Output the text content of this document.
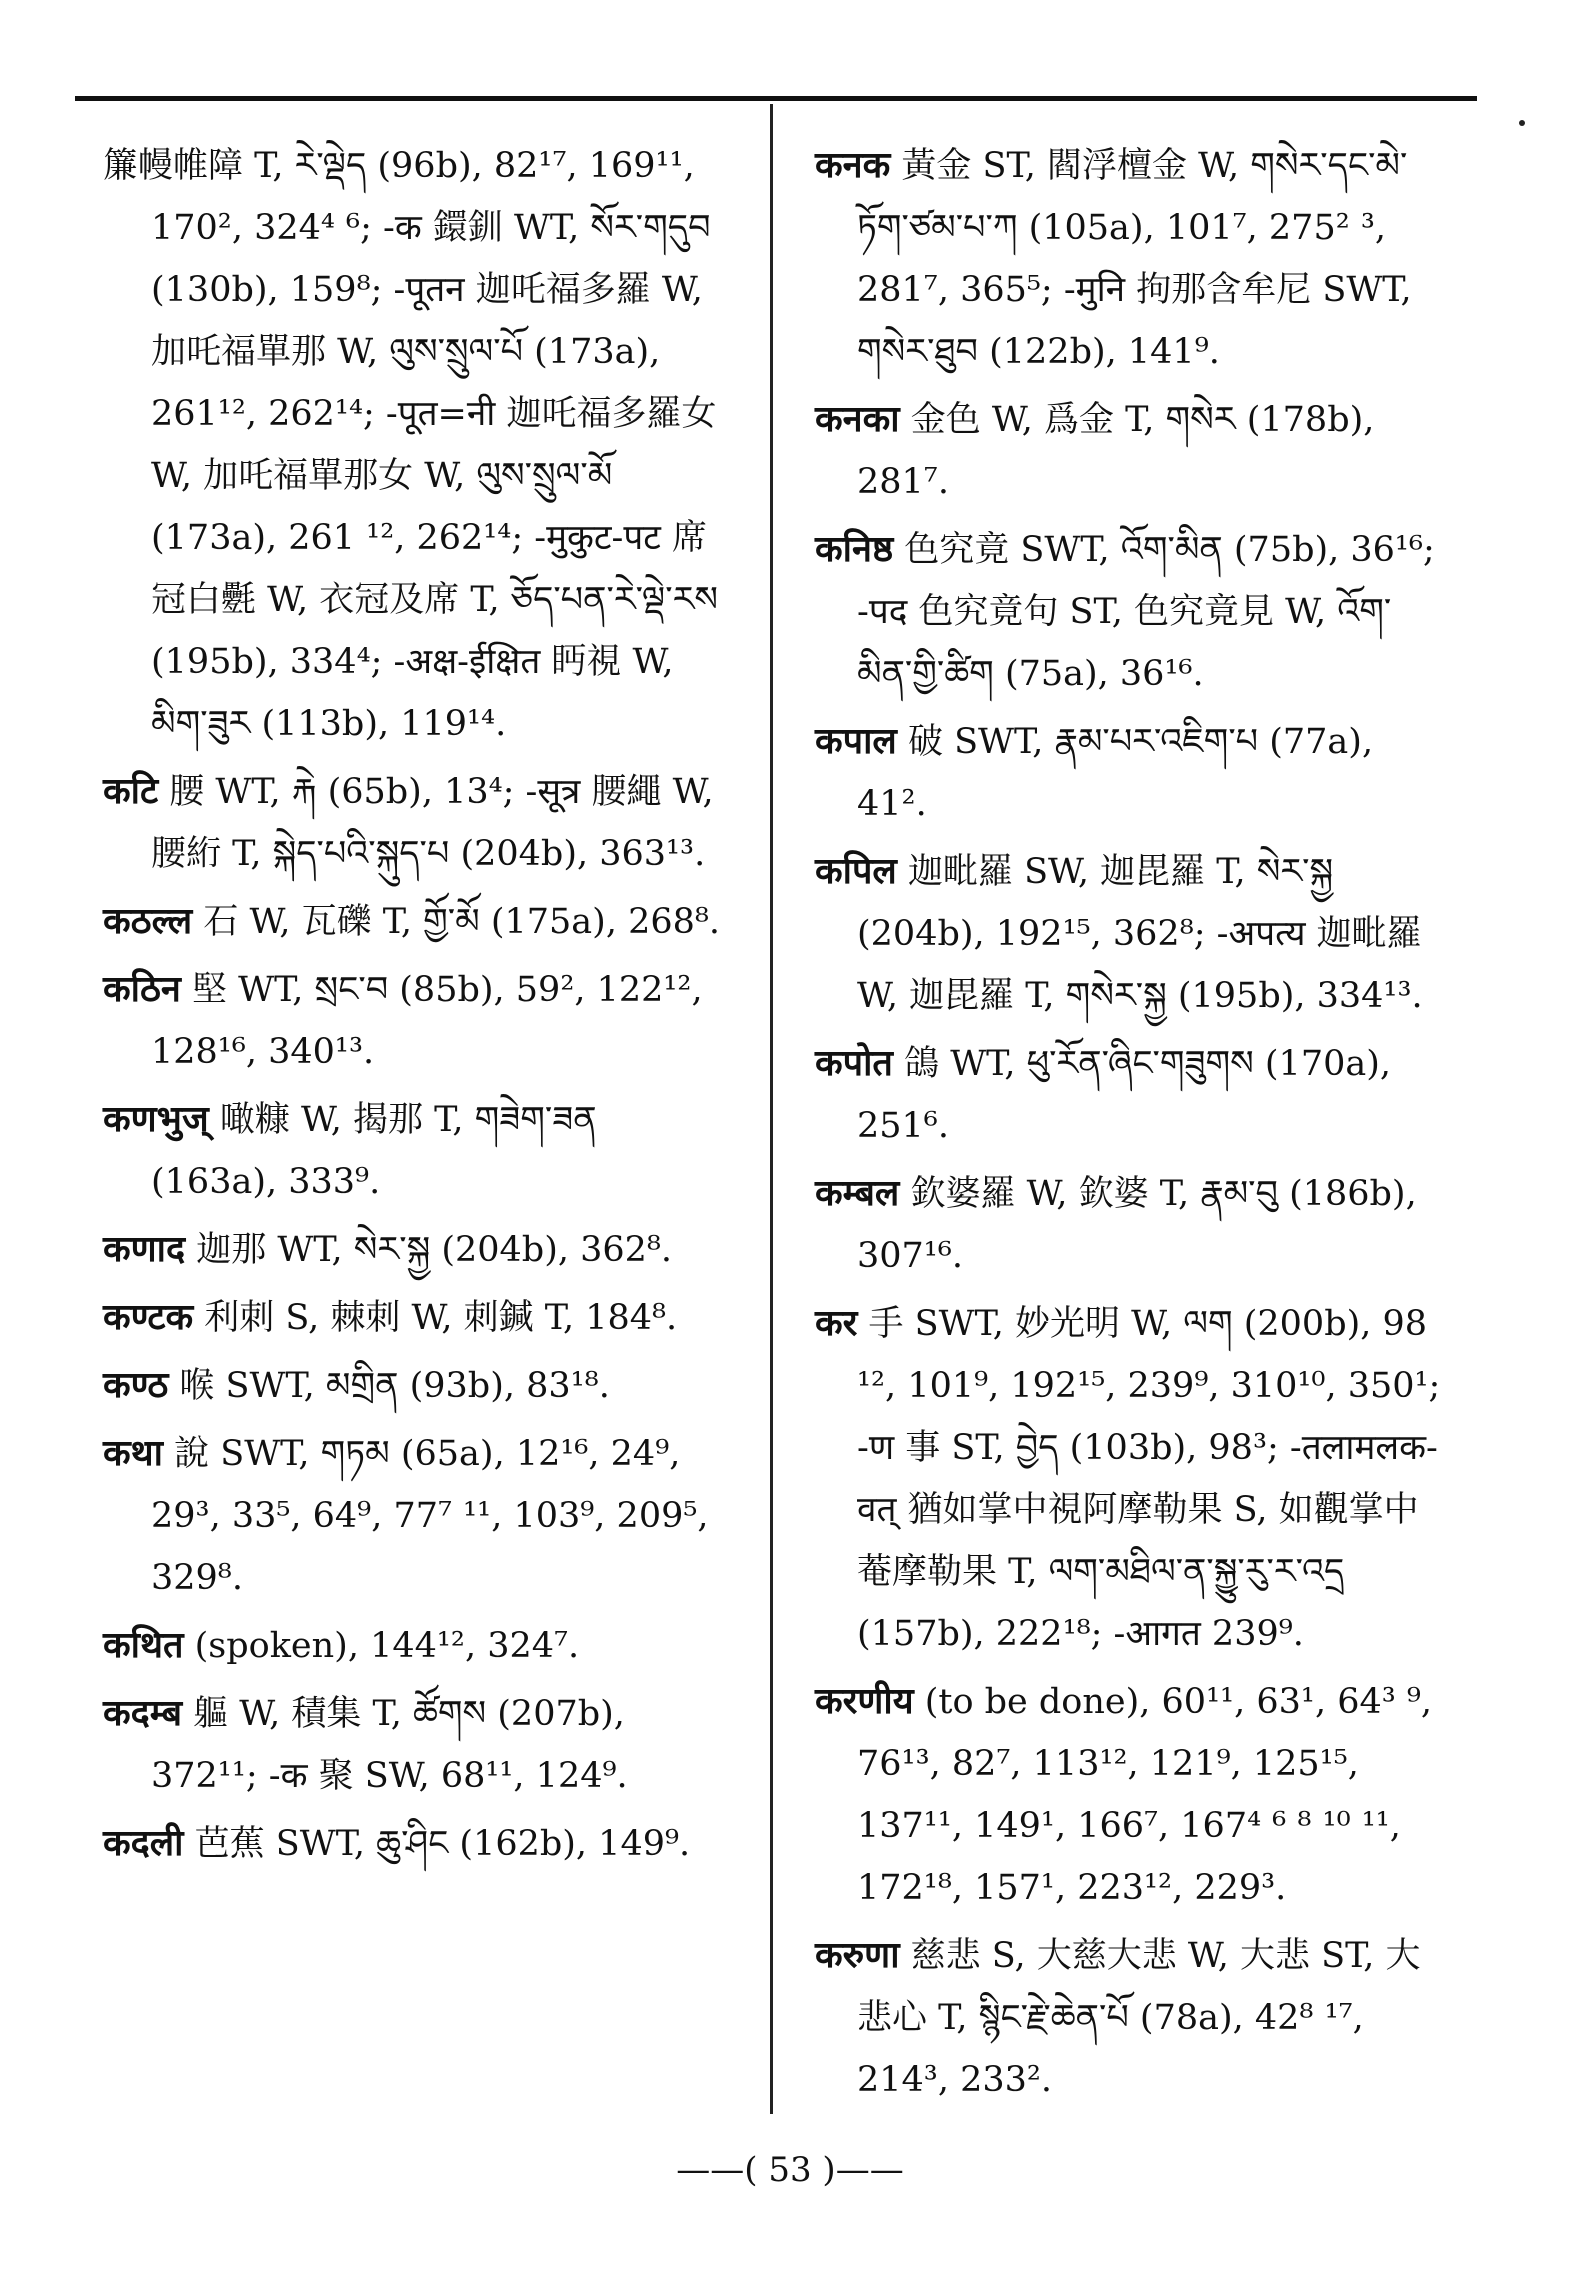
簾幔帷障 T, རེ་ལྡེད (96b), 82¹⁷, 169¹¹, 170², 324⁴ ⁶; -क 鐶釧 WT, སོར་གདུབ (130b), 159⁸; -पूतन 迦吒福多羅 W, 加吒福單那 W, ལུས་སྲུལ་པོ (173a), 261¹², 262¹⁴; -पूत=नी 迦吒福多羅女 W, 加吒福單那女 W, ལུས་སྲུལ་མོ (173a), 261 ¹², 262¹⁴; -मुकुट-पट 席冠白氎 W, 衣冠及席 T, ཅོད་པན་རེ་ལྡེ་རས (195b), 334⁴; -अक्ष-ईक्षित 眄視 W, མིག་ཟུར (113b), 119¹⁴.

कटि 腰 WT, རྐེ (65b), 13⁴; -सूत्र 腰繩 W, 腰絎 T, སྐེད་པའི་སྐུད་པ (204b), 363¹³.

कठल्ल 石 W, 瓦礫 T, གྱོ་མོ (175a), 268⁸.

कठिन 堅 WT, སྲང་བ (85b), 59², 122¹², 128¹⁶, 340¹³.

कणभुज् 噉糠 W, 揭那 T, གཟེག་ཟན (163a), 333⁹.

कणाद 迦那 WT, སེར་སྐྱ (204b), 362⁸.

कण्टक 利刺 S, 棘刺 W, 刺鍼 T, 184⁸.

कण्ठ 喉 SWT, མགྲིན (93b), 83¹⁸.

कथा 說 SWT, གཏམ (65a), 12¹⁶, 24⁹, 29³, 33⁵, 64⁹, 77⁷ ¹¹, 103⁹, 209⁵, 329⁸.

कथित (spoken), 144¹², 324⁷.

कदम्ब 軀 W, 積集 T, ཚོགས (207b), 372¹¹; -क 聚 SW, 68¹¹, 124⁹.

कदली 芭蕉 SWT, ཆུ་ཤིང (162b), 149⁹.

कनक 黃金 ST, 閻浮檀金 W, གསེར་དང་མེ་ཏོག་ཙམ་པ་ཀ (105a), 101⁷, 275² ³, 281⁷, 365⁵; -मुनि 拘那含牟尼 SWT, གསེར་ཐུབ (122b), 141⁹.

कनका 金色 W, 爲金 T, གསེར (178b), 281⁷.

कनिष्ठ 色究竟 SWT, འོག་མིན (75b), 36¹⁶; -पद 色究竟句 ST, 色究竟見 W, འོག་མིན་གྱི་ཚིག (75a), 36¹⁶.

कपाल 破 SWT, རྣམ་པར་འཇིག་པ (77a), 41².

कपिल 迦毗羅 SW, 迦毘羅 T, སེར་སྐྱ (204b), 192¹⁵, 362⁸; -अपत्य 迦毗羅 W, 迦毘羅 T, གསེར་སྐྱ (195b), 334¹³.

कपोत 鴿 WT, ཕུ་རོན་ཞིང་གཟུགས (170a), 251⁶.

कम्बल 欽婆羅 W, 欽婆 T, རྣམ་བུ (186b), 307¹⁶.

कर 手 SWT, 妙光明 W, ལག (200b), 98 ¹², 101⁹, 192¹⁵, 239⁹, 310¹⁰, 350¹; -ण 事 ST, བྱེད (103b), 98³; -तलामलक-वत् 猶如掌中視阿摩勒果 S, 如觀掌中菴摩勒果 T, ལག་མཐིལ་ན་སྐྱུ་རུ་ར་འདྲ (157b), 222¹⁸; -आगत 239⁹.

करणीय (to be done), 60¹¹, 63¹, 64³ ⁹, 76¹³, 82⁷, 113¹², 121⁹, 125¹⁵, 137¹¹, 149¹, 166⁷, 167⁴ ⁶ ⁸ ¹⁰ ¹¹, 172¹⁸, 157¹, 223¹², 229³.

करुणा 慈悲 S, 大慈大悲 W, 大悲 ST, 大悲心 T, སྙིང་རྗེ་ཆེན་པོ (78a), 42⁸ ¹⁷, 214³, 233².

——( 53 )——
